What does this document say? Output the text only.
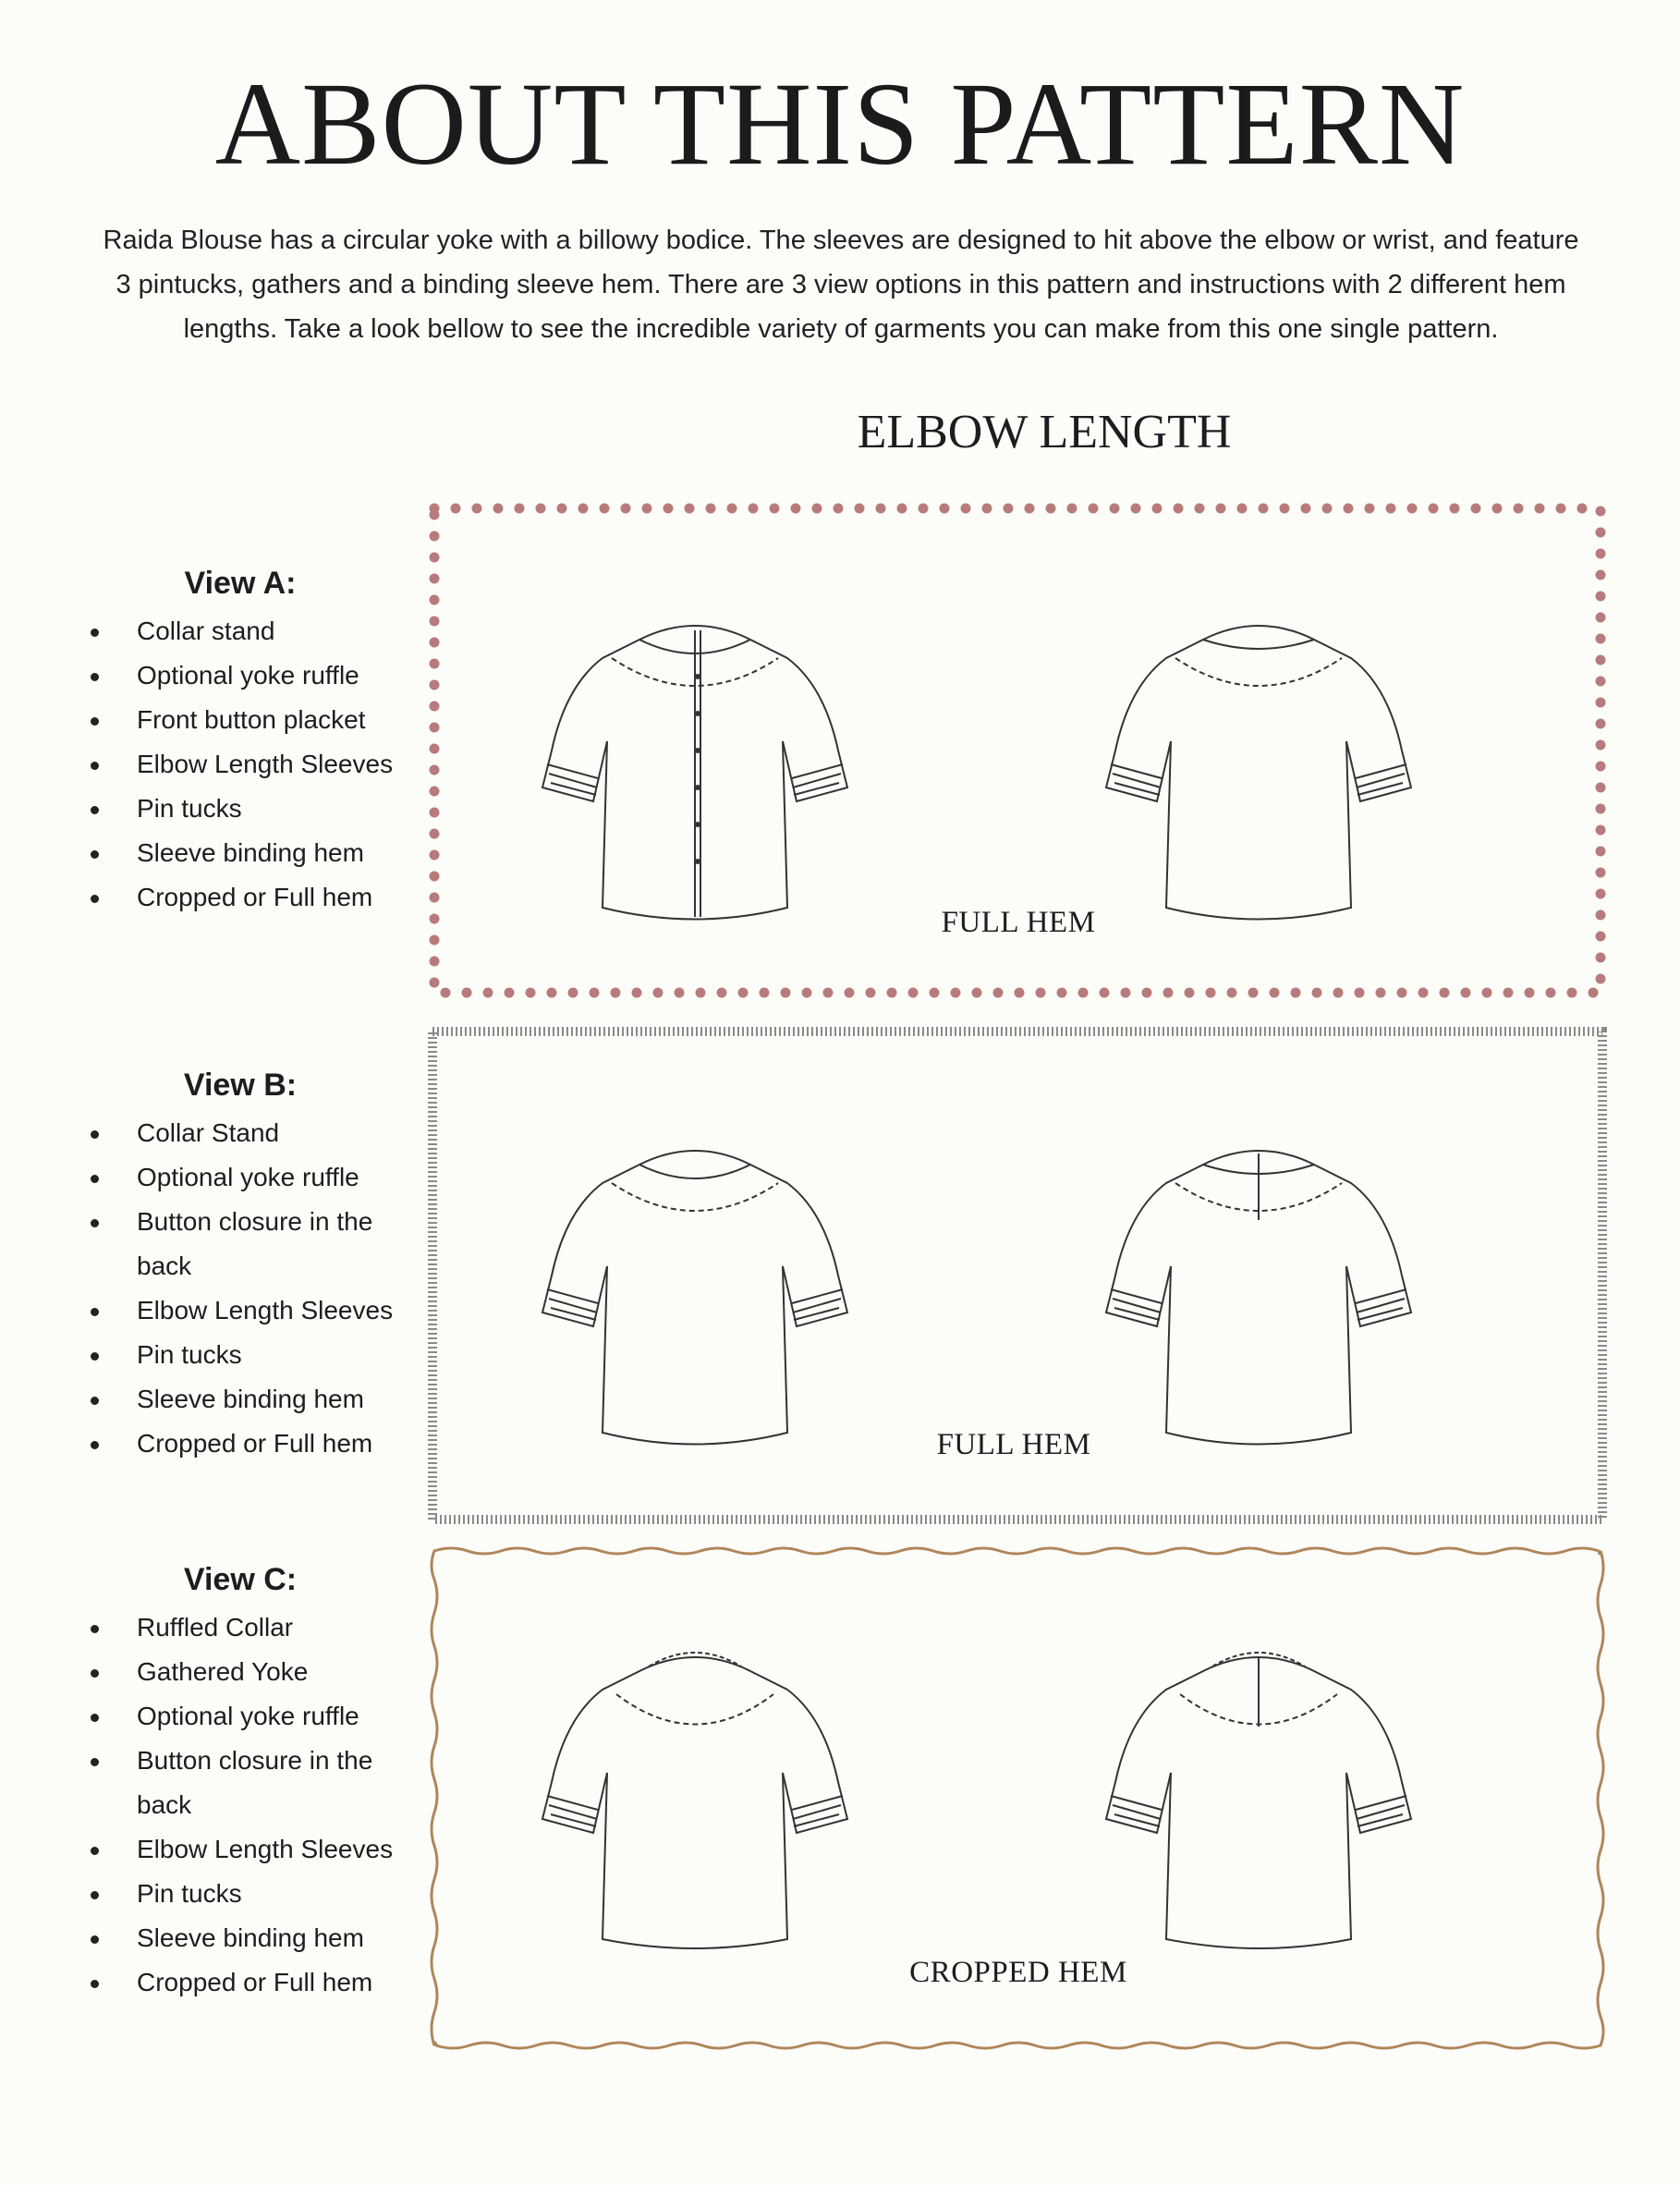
ABOUT THIS PATTERN
Raida Blouse has a circular yoke with a billowy bodice. The sleeves are designed to hit above the elbow or wrist, and feature
3 pintucks, gathers and a binding sleeve hem. There are 3 view options in this pattern and instructions with 2 different hem
lengths. Take a look bellow to see the incredible variety of garments you can make from this one single pattern.
ELBOW LENGTH
View A:
Collar stand
Optional yoke ruffle
Front button placket
Elbow Length Sleeves
Pin tucks
Sleeve binding hem
Cropped or Full hem
View B:
Collar Stand
Optional yoke ruffle
Button closure in the
back
Elbow Length Sleeves
Pin tucks
Sleeve binding hem
Cropped or Full hem
View C:
Ruffled Collar
Gathered Yoke
Optional yoke ruffle
Button closure in the
back
Elbow Length Sleeves
Pin tucks
Sleeve binding hem
Cropped or Full hem
FULL HEM
FULL HEM
CROPPED HEM
